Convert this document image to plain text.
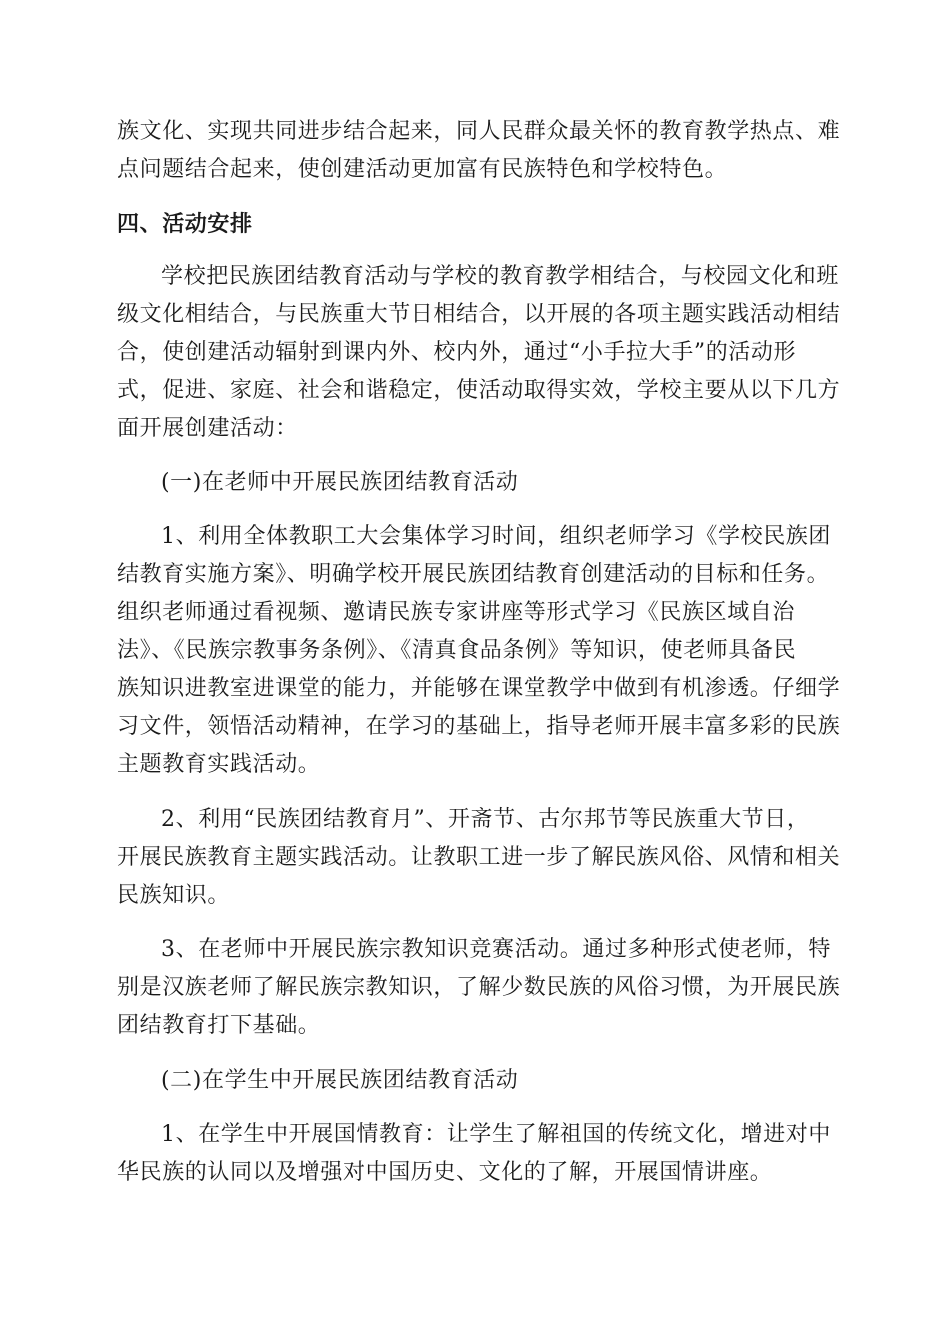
族文化、实现共同进步结合起来，同人民群众最关怀的教育教学热点、难
点问题结合起来，使创建活动更加富有民族特色和学校特色。
四、活动安排
学校把民族团结教育活动与学校的教育教学相结合，与校园文化和班
级文化相结合，与民族重大节日相结合，以开展的各项主题实践活动相结
合，使创建活动辐射到课内外、校内外，通过“小手拉大手”的活动形
式，促进、家庭、社会和谐稳定，使活动取得实效，学校主要从以下几方
面开展创建活动：
(一)在老师中开展民族团结教育活动
1、利用全体教职工大会集体学习时间，组织老师学习《学校民族团
结教育实施方案》、明确学校开展民族团结教育创建活动的目标和任务。
组织老师通过看视频、邀请民族专家讲座等形式学习《民族区域自治
法》、《民族宗教事务条例》、《清真食品条例》等知识，使老师具备民
族知识进教室进课堂的能力，并能够在课堂教学中做到有机渗透。仔细学
习文件，领悟活动精神，在学习的基础上，指导老师开展丰富多彩的民族
主题教育实践活动。
2、利用“民族团结教育月”、开斋节、古尔邦节等民族重大节日，
开展民族教育主题实践活动。让教职工进一步了解民族风俗、风情和相关
民族知识。
3、在老师中开展民族宗教知识竞赛活动。通过多种形式使老师，特
别是汉族老师了解民族宗教知识，了解少数民族的风俗习惯，为开展民族
团结教育打下基础。
(二)在学生中开展民族团结教育活动
1、在学生中开展国情教育：让学生了解祖国的传统文化，增进对中
华民族的认同以及增强对中国历史、文化的了解，开展国情讲座。
